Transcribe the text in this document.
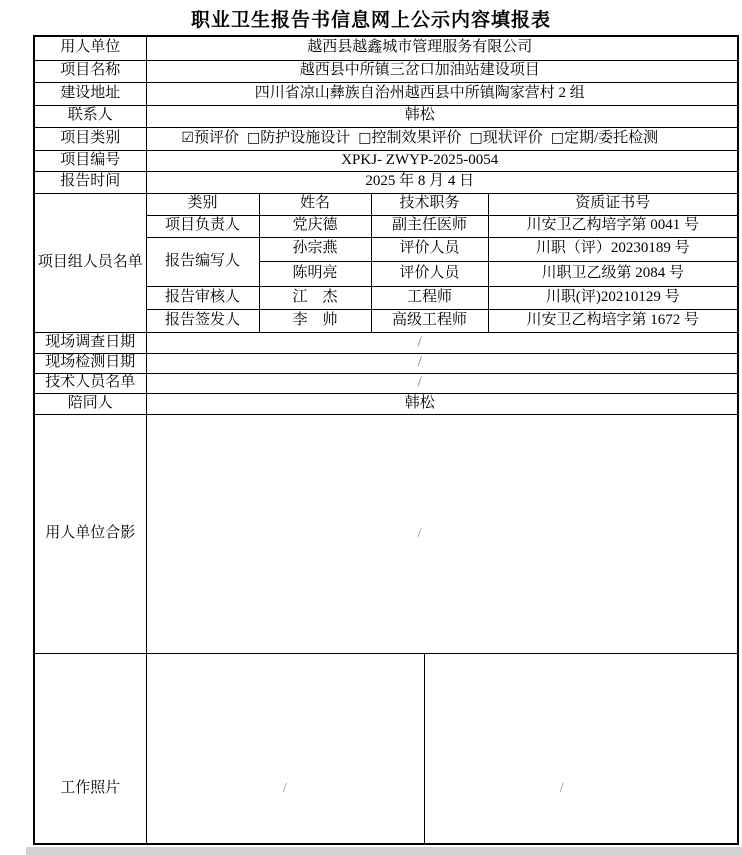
职业卫生报告书信息网上公示内容填报表
用人单位	越西县越鑫城市管理服务有限公司			
项目名称	越西县中所镇三岔口加油站建设项目			
建设地址	四川省凉山彝族自治州越西县中所镇陶家营村 2 组			
联系人	韩松			
项目类别	☑预评价 □防护设施设计 □控制效果评价 □现状评价 □定期/委托检测			
项目编号	XPKJ- ZWYP-2025-0054			
报告时间	2025 年 8 月 4 日			
项目组人员名单	类别	姓名	技术职务	资质证书号
	项目负责人	党庆德	副主任医师	川安卫乙构培字第 0041 号
	报告编写人	孙宗燕	评价人员	川职（评）20230189 号
		陈明亮	评价人员	川职卫乙级第 2084 号
	报告审核人	江　杰	工程师	川职(评)20210129 号
	报告签发人	李　帅	高级工程师	川安卫乙构培字第 1672 号
现场调查日期	/			
现场检测日期	/			
技术人员名单	/			
陪同人	韩松			
用人单位合影	/			
工作照片	/ /			
